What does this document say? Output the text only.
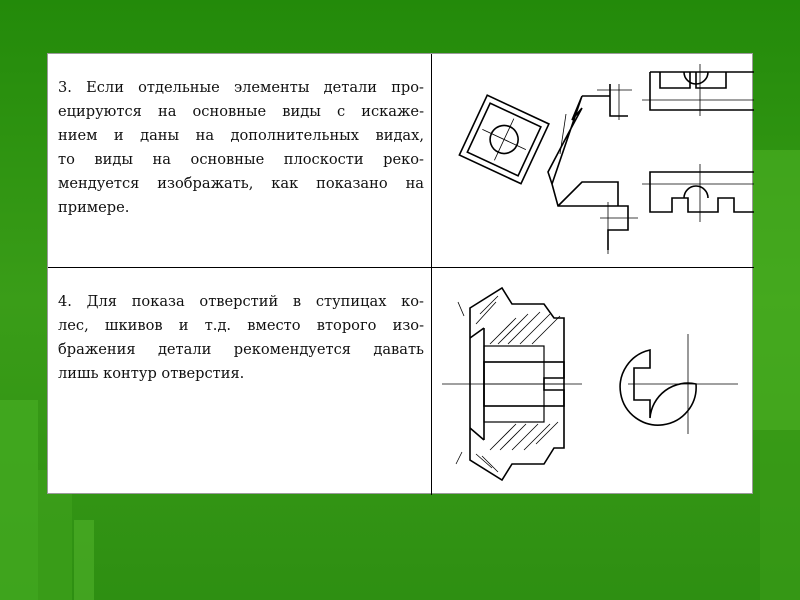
3. Если отдельные элементы детали про-
ецируются на основные виды с искаже-
нием и даны на дополнительных видах,
то виды на основные плоскости реко-
мендуется изображать, как показано на
примере.
4. Для показа отверстий в ступицах ко-
лес, шкивов и т.д. вместо второго изо-
бражения детали рекомендуется давать
лишь контур отверстия.
